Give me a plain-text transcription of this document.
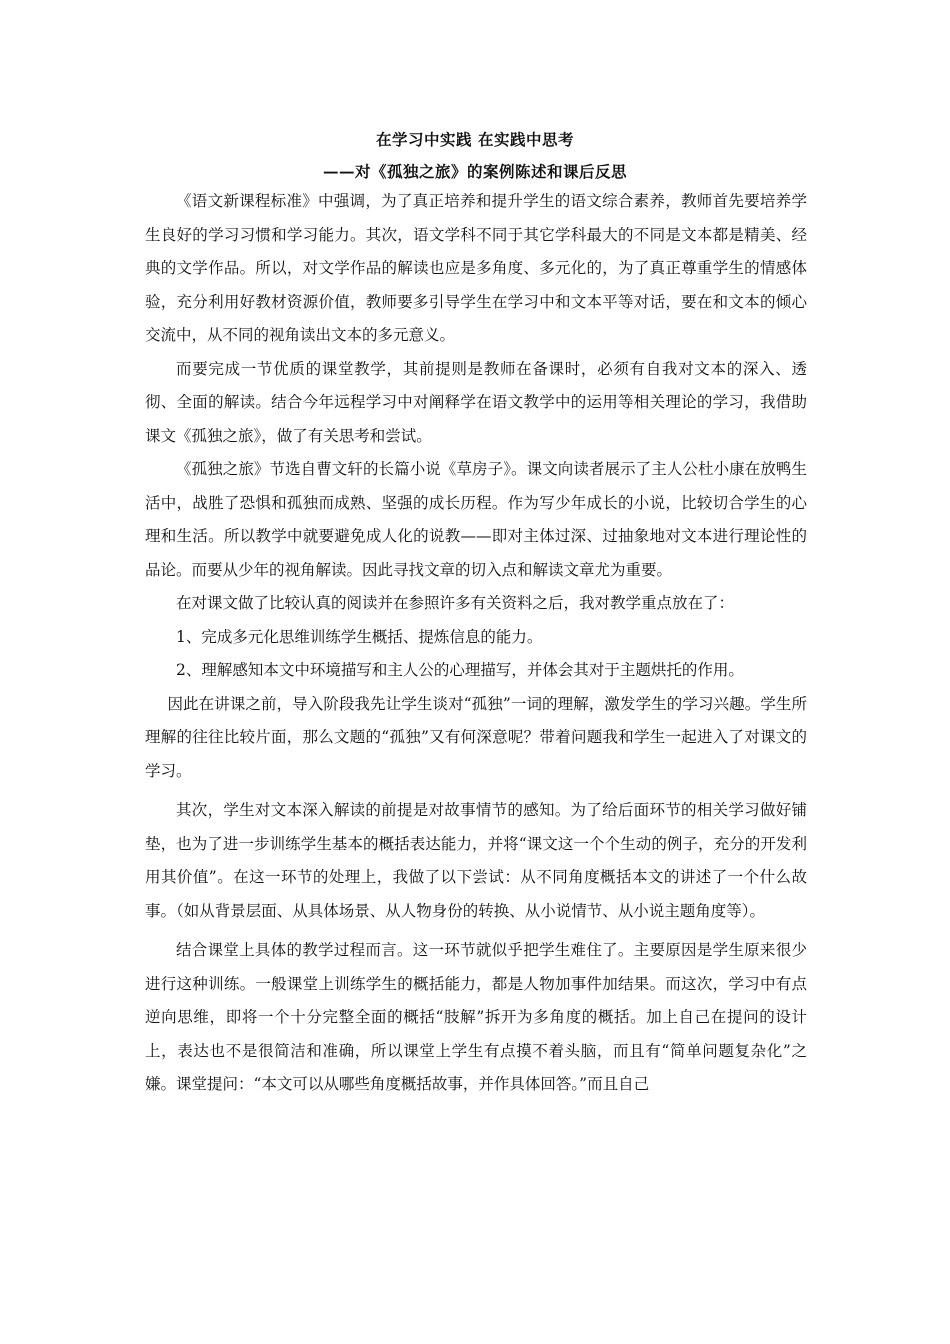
在学习中实践 在实践中思考
——对《孤独之旅》的案例陈述和课后反思

《语文新课程标准》中强调，为了真正培养和提升学生的语文综合素养，教师首先要培养学生良好的学习习惯和学习能力。其次，语文学科不同于其它学科最大的不同是文本都是精美、经典的文学作品。所以，对文学作品的解读也应是多角度、多元化的，为了真正尊重学生的情感体验，充分利用好教材资源价值，教师要多引导学生在学习中和文本平等对话，要在和文本的倾心交流中，从不同的视角读出文本的多元意义。

而要完成一节优质的课堂教学，其前提则是教师在备课时，必须有自我对文本的深入、透彻、全面的解读。结合今年远程学习中对阐释学在语文教学中的运用等相关理论的学习，我借助课文《孤独之旅》，做了有关思考和尝试。

《孤独之旅》节选自曹文轩的长篇小说《草房子》。课文向读者展示了主人公杜小康在放鸭生活中，战胜了恐惧和孤独而成熟、坚强的成长历程。作为写少年成长的小说，比较切合学生的心理和生活。所以教学中就要避免成人化的说教——即对主体过深、过抽象地对文本进行理论性的品论。而要从少年的视角解读。因此寻找文章的切入点和解读文章尤为重要。

在对课文做了比较认真的阅读并在参照许多有关资料之后，我对教学重点放在了：

1、完成多元化思维训练学生概括、提炼信息的能力。

2、理解感知本文中环境描写和主人公的心理描写，并体会其对于主题烘托的作用。

因此在讲课之前，导入阶段我先让学生谈对“孤独”一词的理解，激发学生的学习兴趣。学生所理解的往往比较片面，那么文题的“孤独”又有何深意呢？带着问题我和学生一起进入了对课文的学习。

其次，学生对文本深入解读的前提是对故事情节的感知。为了给后面环节的相关学习做好铺垫，也为了进一步训练学生基本的概括表达能力，并将“课文这一个个生动的例子，充分的开发利用其价值”。在这一环节的处理上，我做了以下尝试：从不同角度概括本文的讲述了一个什么故事。（如从背景层面、从具体场景、从人物身份的转换、从小说情节、从小说主题角度等）。

结合课堂上具体的教学过程而言。这一环节就似乎把学生难住了。主要原因是学生原来很少进行这种训练。一般课堂上训练学生的概括能力，都是人物加事件加结果。而这次，学习中有点逆向思维，即将一个十分完整全面的概括“肢解”拆开为多角度的概括。加上自己在提问的设计上，表达也不是很简洁和准确，所以课堂上学生有点摸不着头脑，而且有“简单问题复杂化”之嫌。课堂提问：“本文可以从哪些角度概括故事，并作具体回答。”而且自己
